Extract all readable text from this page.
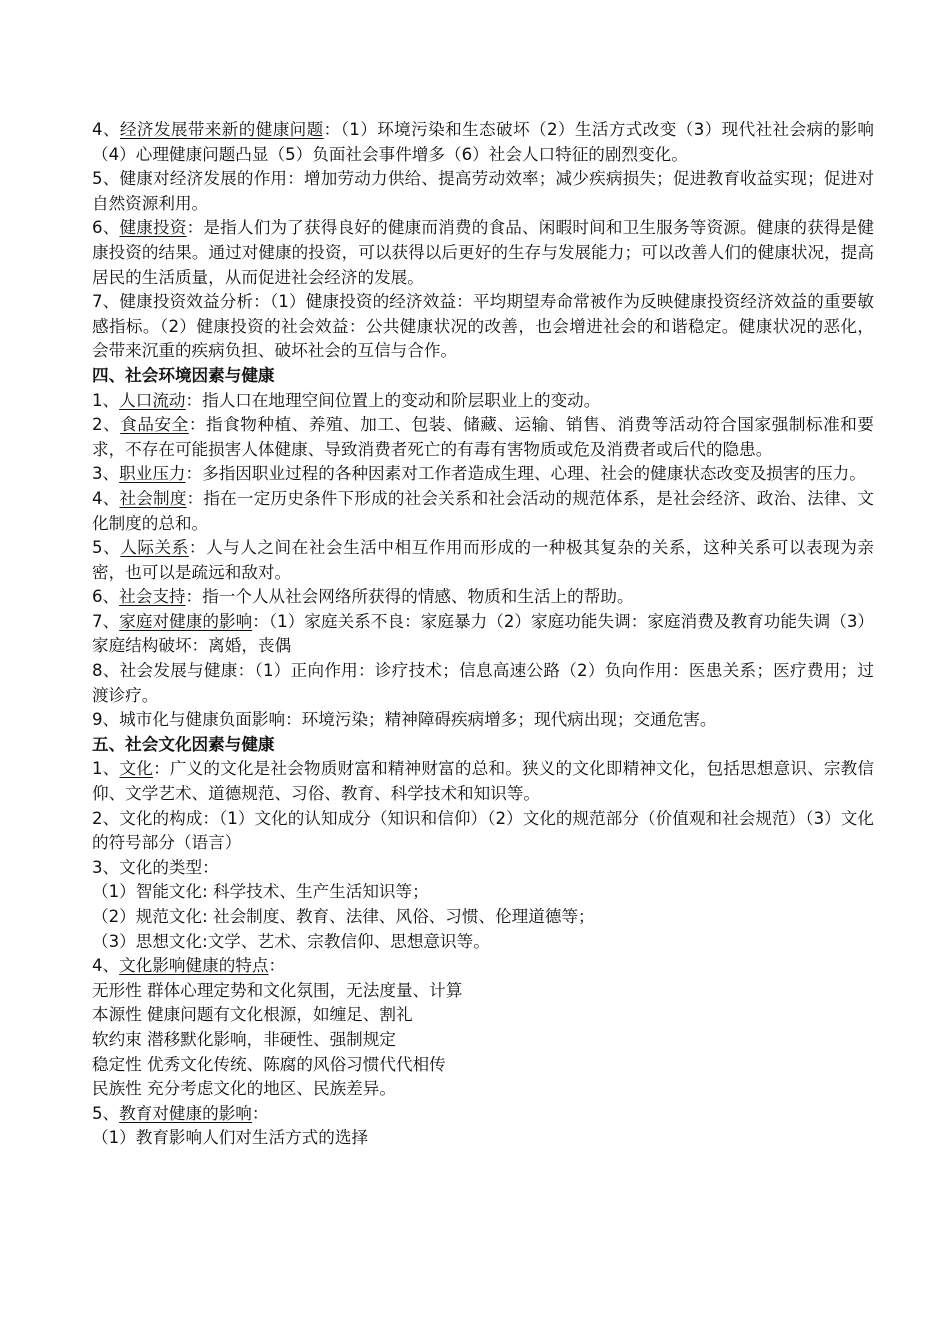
4、经济发展带来新的健康问题：（1）环境污染和生态破坏（2）生活方式改变（3）现代社社会病的影响（4）心理健康问题凸显（5）负面社会事件增多（6）社会人口特征的剧烈变化。

5、健康对经济发展的作用：增加劳动力供给、提高劳动效率；减少疾病损失；促进教育收益实现；促进对自然资源利用。

6、健康投资：是指人们为了获得良好的健康而消费的食品、闲暇时间和卫生服务等资源。健康的获得是健康投资的结果。通过对健康的投资，可以获得以后更好的生存与发展能力；可以改善人们的健康状况，提高居民的生活质量，从而促进社会经济的发展。

7、健康投资效益分析：（1）健康投资的经济效益：平均期望寿命常被作为反映健康投资经济效益的重要敏感指标。（2）健康投资的社会效益：公共健康状况的改善，也会增进社会的和谐稳定。健康状况的恶化，会带来沉重的疾病负担、破坏社会的互信与合作。

四、社会环境因素与健康

1、人口流动：指人口在地理空间位置上的变动和阶层职业上的变动。

2、食品安全：指食物种植、养殖、加工、包装、储藏、运输、销售、消费等活动符合国家强制标准和要求，不存在可能损害人体健康、导致消费者死亡的有毒有害物质或危及消费者或后代的隐患。

3、职业压力：多指因职业过程的各种因素对工作者造成生理、心理、社会的健康状态改变及损害的压力。

4、社会制度：指在一定历史条件下形成的社会关系和社会活动的规范体系，是社会经济、政治、法律、文化制度的总和。

5、人际关系：人与人之间在社会生活中相互作用而形成的一种极其复杂的关系，这种关系可以表现为亲密，也可以是疏远和敌对。

6、社会支持：指一个人从社会网络所获得的情感、物质和生活上的帮助。

7、家庭对健康的影响：（1）家庭关系不良：家庭暴力（2）家庭功能失调：家庭消费及教育功能失调（3）家庭结构破坏：离婚，丧偶

8、社会发展与健康：（1）正向作用：诊疗技术；信息高速公路（2）负向作用：医患关系；医疗费用；过渡诊疗。

9、城市化与健康负面影响：环境污染；精神障碍疾病增多；现代病出现；交通危害。

五、社会文化因素与健康

1、文化：广义的文化是社会物质财富和精神财富的总和。狭义的文化即精神文化，包括思想意识、宗教信仰、文学艺术、道德规范、习俗、教育、科学技术和知识等。

2、文化的构成：（1）文化的认知成分（知识和信仰）（2）文化的规范部分（价值观和社会规范）（3）文化的符号部分（语言）

3、文化的类型：

（1）智能文化: 科学技术、生产生活知识等；

（2）规范文化: 社会制度、教育、法律、风俗、习惯、伦理道德等；

（3）思想文化:文学、艺术、宗教信仰、思想意识等。

4、文化影响健康的特点：

无形性 群体心理定势和文化氛围，无法度量、计算

本源性 健康问题有文化根源，如缠足、割礼

软约束 潜移默化影响，非硬性、强制规定

稳定性 优秀文化传统、陈腐的风俗习惯代代相传

民族性 充分考虑文化的地区、民族差异。

5、教育对健康的影响：

（1）教育影响人们对生活方式的选择
